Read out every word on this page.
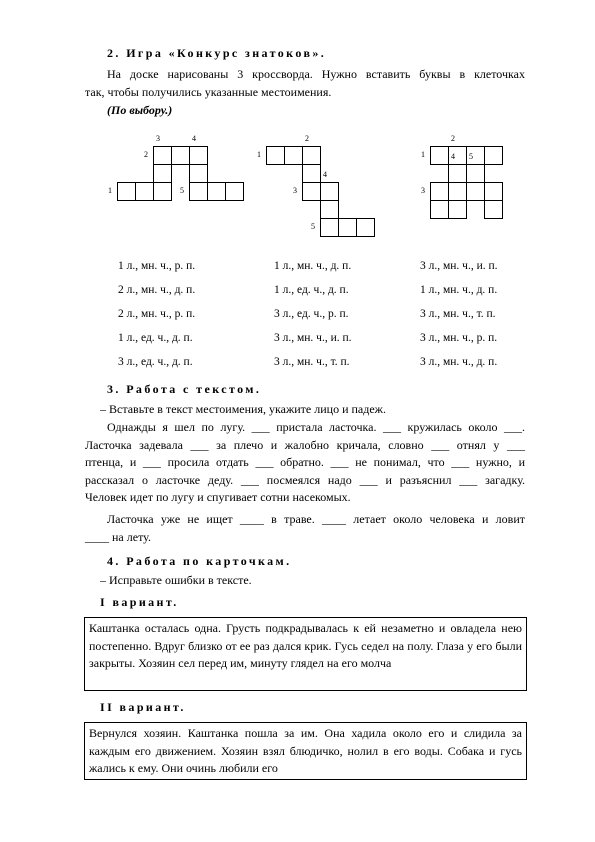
2. Игра «Конкурс знатоков».
На доске нарисованы 3 кроссворда. Нужно вставить буквы в клеточках
так, чтобы получились указанные местоимения.
(По выбору.)
3	4
2
1	5
2
1
3
4
5
2
1	4 5
3
1 л., мн. ч., р. п.	1 л., мн. ч., д. п.	3 л., мн. ч., и. п.
2 л., мн. ч., д. п.	1 л., ед. ч., д. п.	1 л., мн. ч., д. п.
2 л., мн. ч., р. п.	3 л., ед. ч., р. п.	3 л., мн. ч., т. п.
1 л., ед. ч., д. п.	3 л., мн. ч., и. п.	3 л., мн. ч., р. п.
3 л., ед. ч., д. п.	3 л., мн. ч., т. п.	3 л., мн. ч., д. п.
3. Работа с текстом.
– Вставьте в текст местоимения, укажите лицо и падеж.
Однажды я шел по лугу. ___ пристала ласточка. ___ кружилась около ___.
Ласточка задевала ___ за плечо и жалобно кричала, словно ___ отнял у ___
птенца, и ___ просила отдать ___ обратно. ___ не понимал, что ___ нужно, и
рассказал о ласточке деду. ___ посмеялся надо ___ и разъяснил ___ загадку.
Человек идет по лугу и спугивает сотни насекомых.
Ласточка уже не ищет ____ в траве. ____ летает около человека и ловит
____ на лету.
4. Работа по карточкам.
– Исправьте ошибки в тексте.
I вариант.
Каштанка осталась одна. Грусть подкрадывалась к ей незаметно и овладела нею постепенно. Вдруг близко от ее раз дался крик. Гусь седел на полу. Глаза у его были закрыты. Хозяин сел перед им, минуту глядел на его молча
II вариант.
Вернулся хозяин. Каштанка пошла за им. Она хадила около его и слидила за каждым его движением. Хозяин взял блюдичко, нолил в его воды. Собака и гусь жались к ему. Они очинь любили его
